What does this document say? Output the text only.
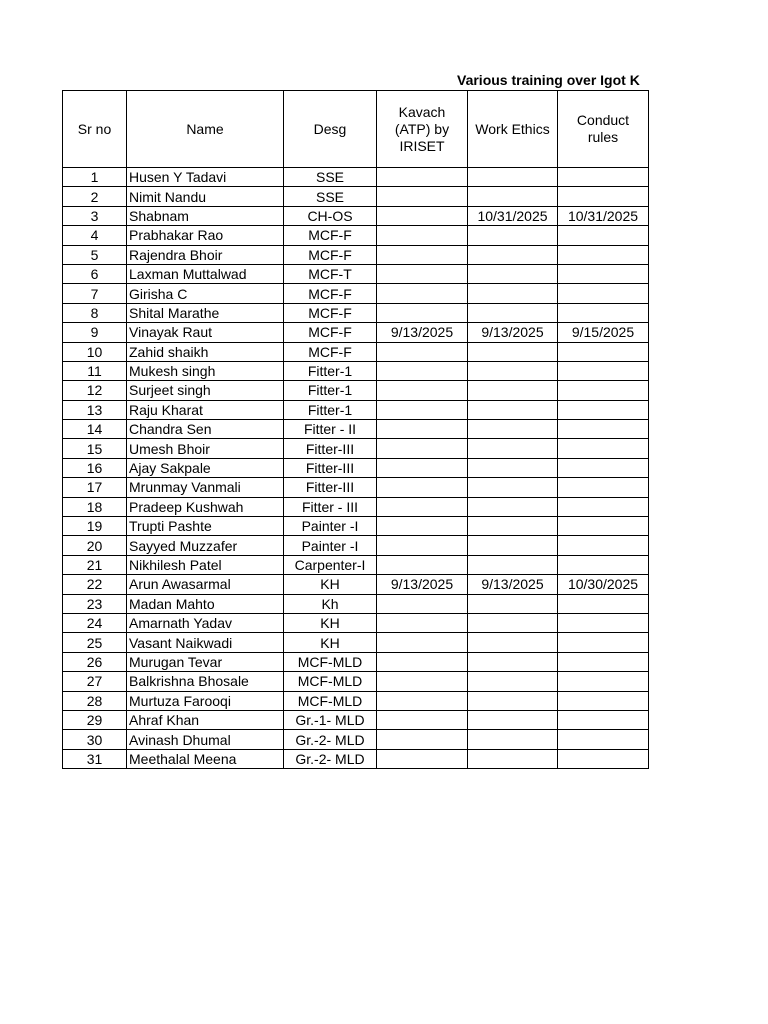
Various training over Igot K
Sr no	Name	Desg	Kavach (ATP) by IRISET	Work Ethics	Conduct rules
1	Husen Y Tadavi	SSE			
2	Nimit Nandu	SSE			
3	Shabnam	CH-OS		10/31/2025	10/31/2025
4	Prabhakar Rao	MCF-F			
5	Rajendra Bhoir	MCF-F			
6	Laxman Muttalwad	MCF-T			
7	Girisha C	MCF-F			
8	Shital Marathe	MCF-F			
9	Vinayak Raut	MCF-F	9/13/2025	9/13/2025	9/15/2025
10	Zahid shaikh	MCF-F			
11	Mukesh singh	Fitter-1			
12	Surjeet singh	Fitter-1			
13	Raju Kharat	Fitter-1			
14	Chandra Sen	Fitter - II			
15	Umesh Bhoir	Fitter-III			
16	Ajay Sakpale	Fitter-III			
17	Mrunmay Vanmali	Fitter-III			
18	Pradeep Kushwah	Fitter - III			
19	Trupti Pashte	Painter -I			
20	Sayyed Muzzafer	Painter -I			
21	Nikhilesh Patel	Carpenter-I			
22	Arun Awasarmal	KH	9/13/2025	9/13/2025	10/30/2025
23	Madan Mahto	Kh			
24	Amarnath Yadav	KH			
25	Vasant Naikwadi	KH			
26	Murugan Tevar	MCF-MLD			
27	Balkrishna Bhosale	MCF-MLD			
28	Murtuza Farooqi	MCF-MLD			
29	Ahraf Khan	Gr.-1- MLD			
30	Avinash Dhumal	Gr.-2- MLD			
31	Meethalal Meena	Gr.-2- MLD			
